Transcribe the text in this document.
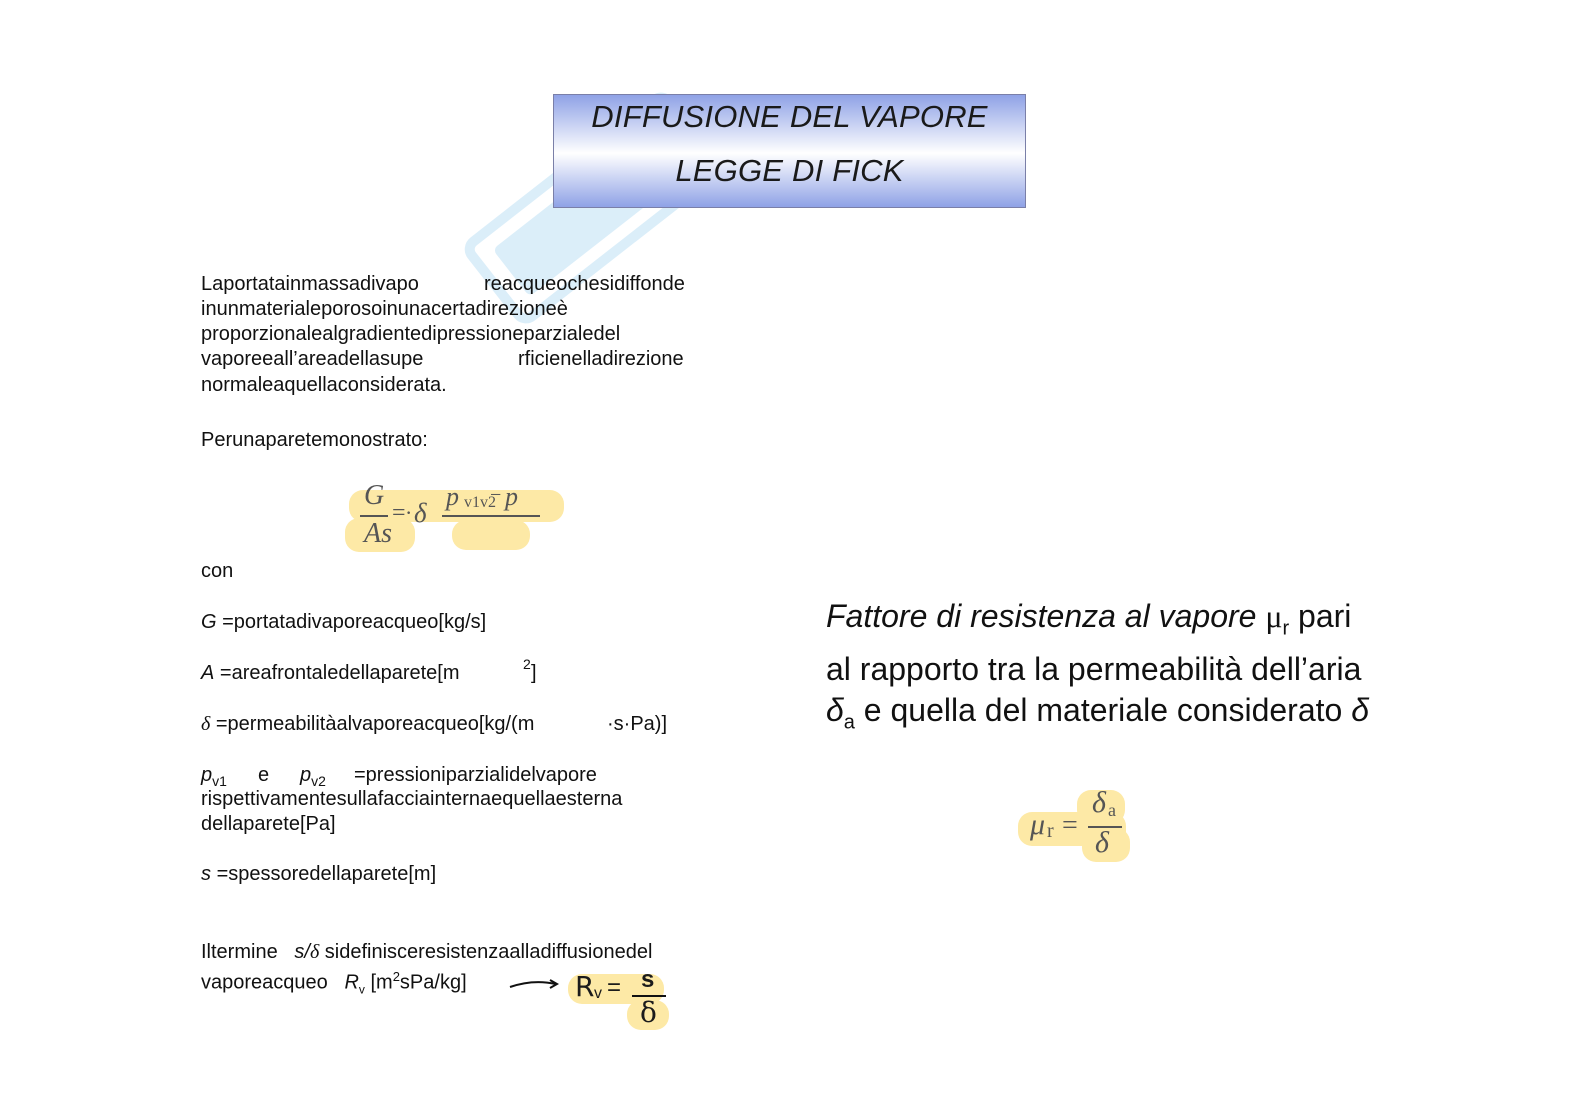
DIFFUSIONE DEL VAPORE
LEGGE DI FICK
Laportatainmassadivapo	reacqueochesidiffonde
inunmaterialeporosoinunacertadirezioneè
proporzionalealgradientedipressioneparzialedel
vaporeeall’areadellasupe	rficienelladirezione
normaleaquellaconsiderata.
Perunaparetemonostrato:
G
As
= · δ
p v1v2
− p
con
G =portatadivaporeacqueo[kg/s]
A =areafrontaledellaparete[m	2 ]
δ =permeabilitàalvaporeacqueo[kg/(m	·s·Pa)]
$p_{v1}$ e $p_{v2}$ =pressioniparzialidelvapore
rispettivamentesullafacciainternaequellaesterna
dellaparete[Pa]
s =spessoredellaparete[m]
Iltermine s/δ sidefinisceresistenzaalladiffusionedel
vaporeacqueo $R_v$ $[m^2sPa/kg]$	R v = s
δ
Fattore di resistenza al vapore $\mu_r$ pari
al rapporto tra la permeabilità dell’aria
$\delta_a$ e quella del materiale considerato δ
μ r =
δ a
δ
